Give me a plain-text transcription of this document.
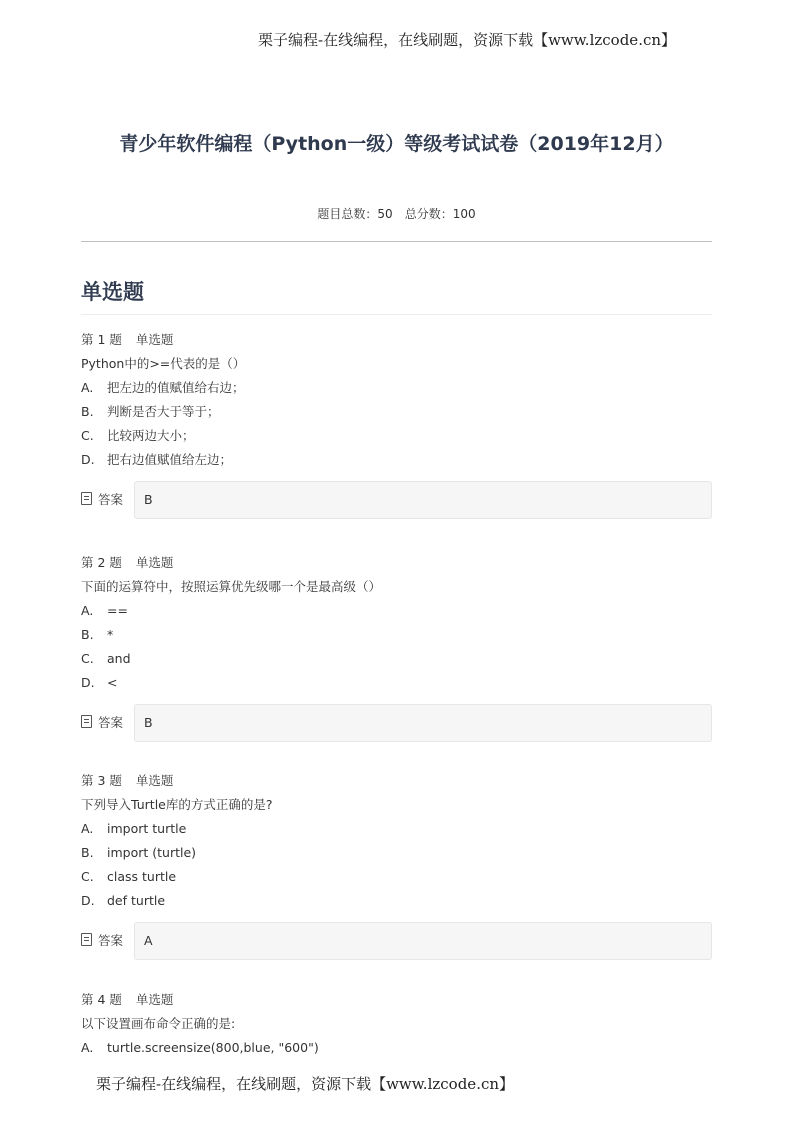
栗子编程-在线编程，在线刷题，资源下载【www.lzcode.cn】
青少年软件编程（Python一级）等级考试试卷（2019年12月）
题目总数：50 总分数：100
单选题
第 1 题 单选题
Python中的>=代表的是（）
A. 把左边的值赋值给右边；
B. 判断是否大于等于；
C. 比较两边大小；
D. 把右边值赋值给左边；
答案 B
第 2 题 单选题
下面的运算符中，按照运算优先级哪一个是最高级（）
A. ==
B. *
C. and
D. <
答案 B
第 3 题 单选题
下列导入Turtle库的方式正确的是?
A. import turtle
B. import (turtle)
C. class turtle
D. def turtle
答案 A
第 4 题 单选题
以下设置画布命令正确的是:
A. turtle.screensize(800,blue, "600")
栗子编程-在线编程，在线刷题，资源下载【www.lzcode.cn】
